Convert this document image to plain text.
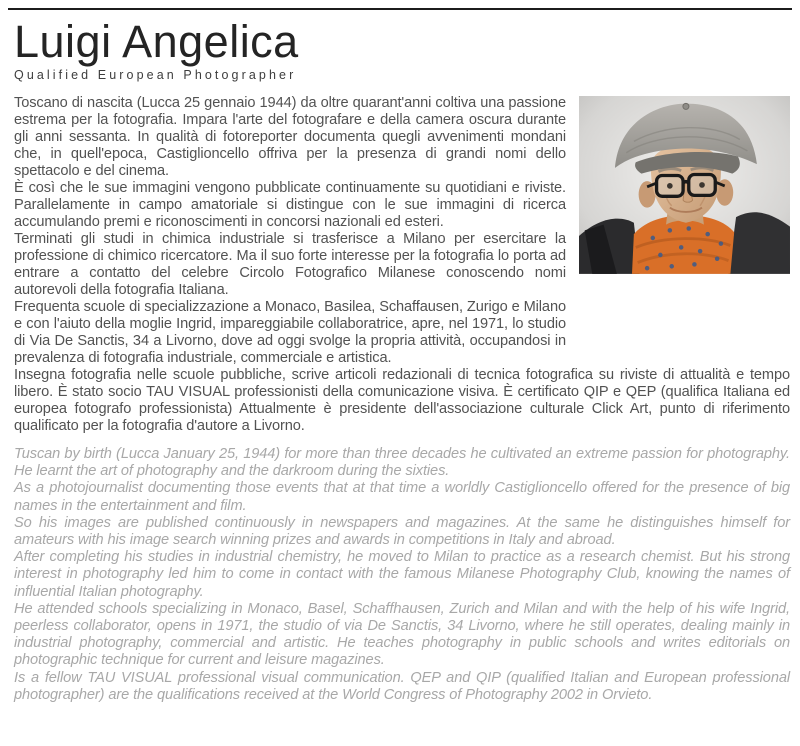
Luigi Angelica
Qualified European Photographer

Toscano di nascita (Lucca 25 gennaio 1944) da oltre quarant'anni coltiva una passione estrema per la fotografia. Impara l'arte del fotografare e della camera oscura durante gli anni sessanta. In qualità di fotoreporter documenta quegli avvenimenti mondani che, in quell'epoca, Castiglioncello offriva per la presenza di grandi nomi dello spettacolo e del cinema.

È così che le sue immagini vengono pubblicate continuamente su quotidiani e riviste. Parallelamente in campo amatoriale si distingue con le sue immagini di ricerca accumulando premi e riconoscimenti in concorsi nazionali ed esteri.

Terminati gli studi in chimica industriale si trasferisce a Milano per esercitare la professione di chimico ricercatore. Ma il suo forte interesse per la fotografia lo porta ad entrare a contatto del celebre Circolo Fotografico Milanese conoscendo nomi autorevoli della fotografia Italiana.

Frequenta scuole di specializzazione a Monaco, Basilea, Schaffausen, Zurigo e Milano e con l'aiuto della moglie Ingrid, impareggiabile collaboratrice, apre, nel 1971, lo studio di Via De Sanctis, 34 a Livorno, dove ad oggi svolge la propria attività, occupandosi in prevalenza di fotografia industriale, commerciale e artistica.

Insegna fotografia nelle scuole pubbliche, scrive articoli redazionali di tecnica fotografica su riviste di attualità e tempo libero. È stato socio TAU VISUAL professionisti della comunicazione visiva. È certificato QIP e QEP (qualifica Italiana ed europea fotografo professionista) Attualmente è presidente dell'associazione culturale Click Art, punto di riferimento qualificato per la fotografia d'autore a Livorno.

Tuscan by birth (Lucca January 25, 1944) for more than three decades he cultivated an extreme passion for photography. He learnt the art of photography and the darkroom during the sixties.

As a photojournalist documenting those events that at that time a worldly Castiglioncello offered for the presence of big names in the entertainment and film.

So his images are published continuously in newspapers and magazines. At the same he distinguishes himself for amateurs with his image search winning prizes and awards in competitions in Italy and abroad.

After completing his studies in industrial chemistry, he moved to Milan to practice as a research chemist. But his strong interest in photography led him to come in contact with the famous Milanese Photography Club, knowing the names of influential Italian photography.

He attended schools specializing in Monaco, Basel, Schaffhausen, Zurich and Milan and with the help of his wife Ingrid, peerless collaborator, opens in 1971, the studio of via De Sanctis, 34 Livorno, where he still operates, dealing mainly in industrial photography, commercial and artistic. He teaches photography in public schools and writes editorials on photographic technique for current and leisure magazines.

Is a fellow TAU VISUAL professional visual communication. QEP and QIP (qualified Italian and European professional photographer) are the qualifications received at the World Congress of Photography 2002 in Orvieto.
